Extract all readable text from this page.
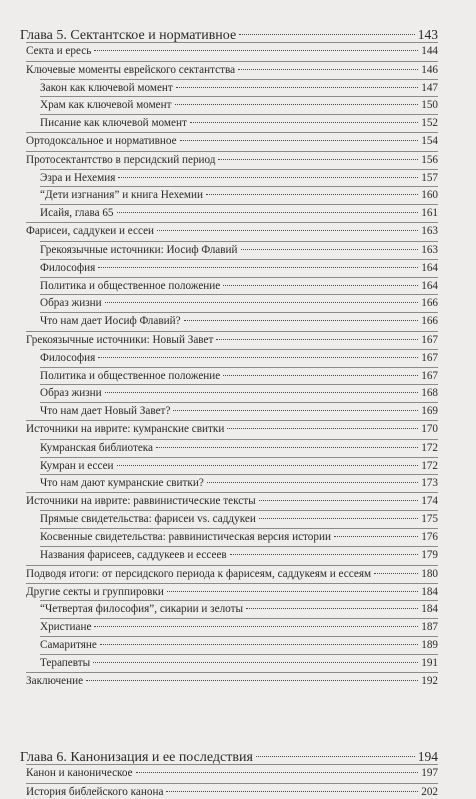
Глава 5. Сектантское и нормативное	143
Секта и ересь	144
Ключевые моменты еврейского сектантства	146
Закон как ключевой момент	147
Храм как ключевой момент	150
Писание как ключевой момент	152
Ортодоксальное и нормативное	154
Протосектантство в персидский период	156
Эзра и Нехемия	157
“Дети изгнания” и книга Нехемии	160
Исайя, глава 65	161
Фарисеи, саддукеи и ессеи	163
Грекоязычные источники: Иосиф Флавий	163
Философия	164
Политика и общественное положение	164
Образ жизни	166
Что нам дает Иосиф Флавий?	166
Грекоязычные источники: Новый Завет	167
Философия	167
Политика и общественное положение	167
Образ жизни	168
Что нам дает Новый Завет?	169
Источники на иврите: кумранские свитки	170
Кумранская библиотека	172
Кумран и ессеи	172
Что нам дают кумранские свитки?	173
Источники на иврите: раввинистические тексты	174
Прямые свидетельства: фарисеи vs. саддукеи	175
Косвенные свидетельства: раввинистическая версия истории	176
Названия фарисеев, саддукеев и ессеев	179
Подводя итоги: от персидского периода к фарисеям, саддукеям и ессеям	180
Другие секты и группировки	184
“Четвертая философия”, сикарии и зелоты	184
Христиане	187
Самаритяне	189
Терапевты	191
Заключение	192
Глава 6. Канонизация и ее последствия	194
Канон и каноническое	197
История библейского канона	202
